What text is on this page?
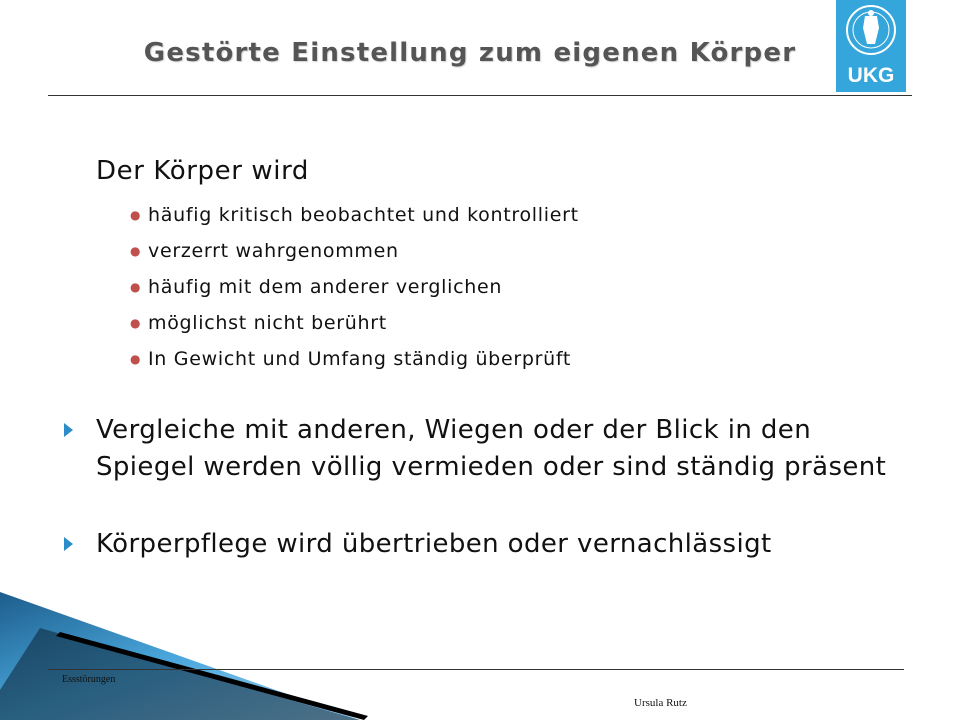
Gestörte Einstellung zum eigenen Körper
UKG
Der Körper wird
● häufig kritisch beobachtet und kontrolliert
● verzerrt wahrgenommen
● häufig mit dem anderer verglichen
● möglichst nicht berührt
● In Gewicht und Umfang ständig überprüft
Vergleiche mit anderen, Wiegen oder der Blick in den Spiegel werden völlig vermieden oder sind ständig präsent
Körperpflege wird übertrieben oder vernachlässigt
Essstörungen
Ursula Rutz
